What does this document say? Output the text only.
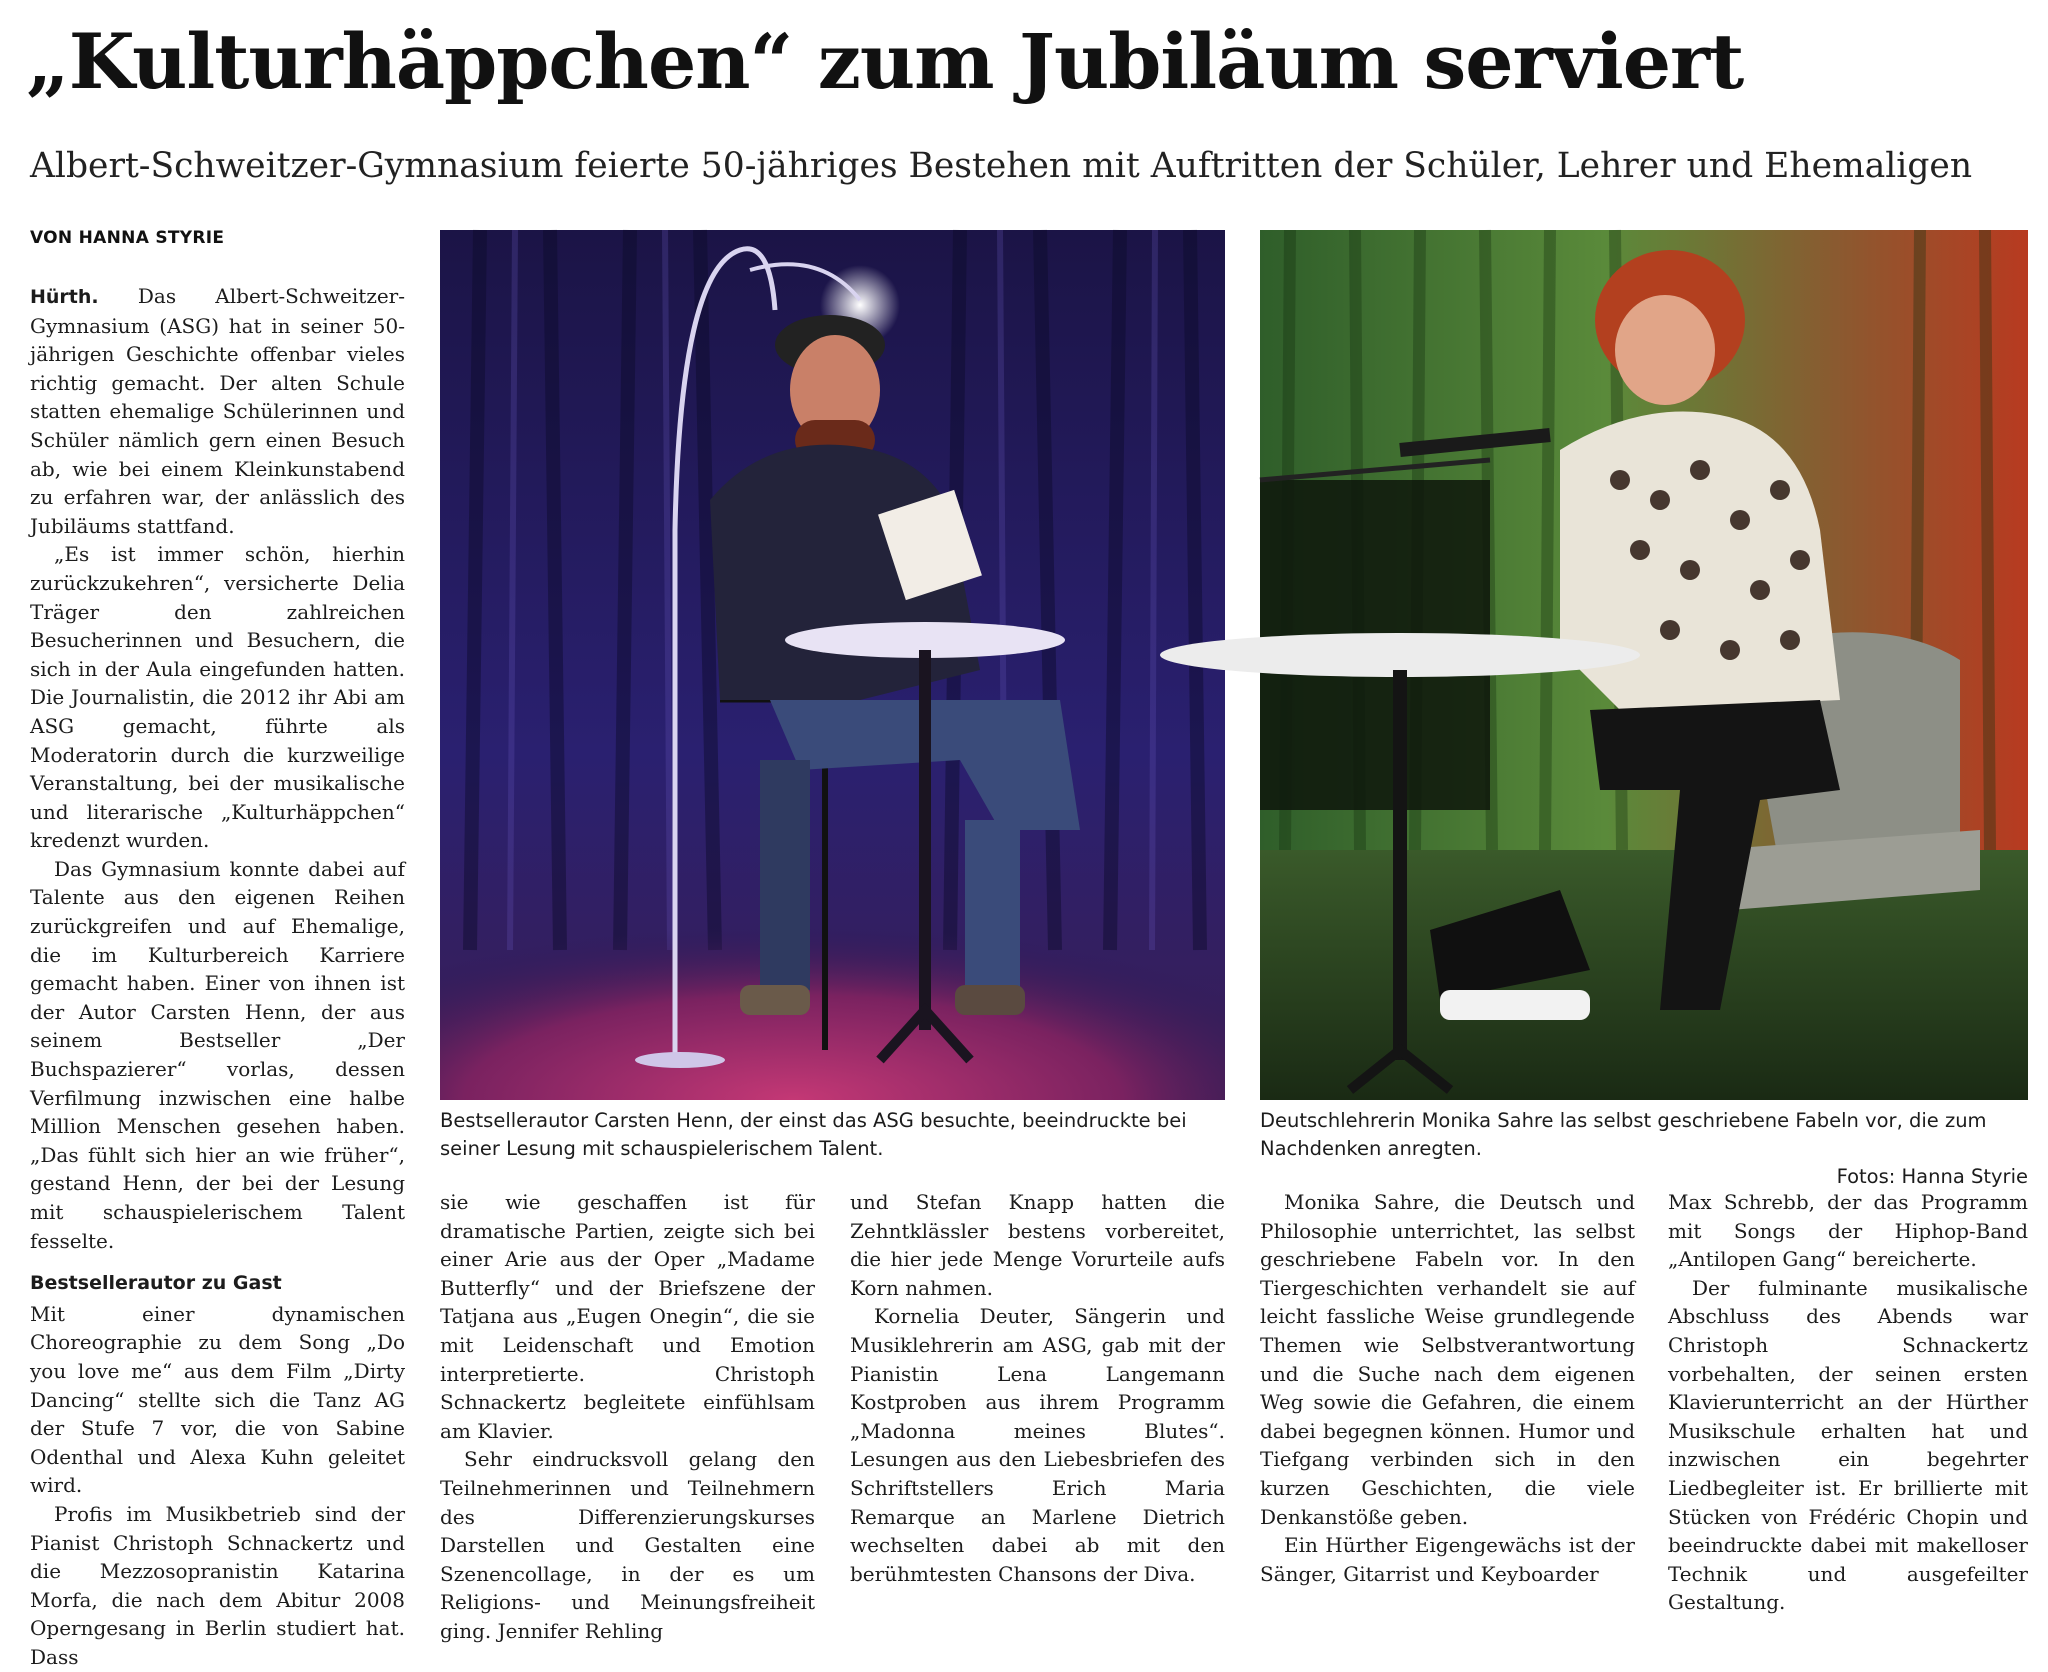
„Kulturhäppchen“ zum Jubiläum serviert
Albert-Schweitzer-Gymnasium feierte 50-jähriges Bestehen mit Auftritten der Schüler, Lehrer und Ehemaligen
VON HANNA STYRIE

Hürth. Das Albert-Schweitzer-Gymnasium (ASG) hat in seiner 50-jährigen Geschichte offenbar vieles richtig gemacht. Der alten Schule statten ehemalige Schülerinnen und Schüler nämlich gern einen Besuch ab, wie bei einem Kleinkunstabend zu erfahren war, der anlässlich des Jubiläums stattfand.

„Es ist immer schön, hierhin zurückzukehren“, versicherte Delia Träger den zahlreichen Besucherinnen und Besuchern, die sich in der Aula eingefunden hatten. Die Journalistin, die 2012 ihr Abi am ASG gemacht, führte als Moderatorin durch die kurzweilige Veranstaltung, bei der musikalische und literarische „Kulturhäppchen“ kredenzt wurden.

Das Gymnasium konnte dabei auf Talente aus den eigenen Reihen zurückgreifen und auf Ehemalige, die im Kulturbereich Karriere gemacht haben. Einer von ihnen ist der Autor Carsten Henn, der aus seinem Bestseller „Der Buchspazierer“ vorlas, dessen Verfilmung inzwischen eine halbe Million Menschen gesehen haben. „Das fühlt sich hier an wie früher“, gestand Henn, der bei der Lesung mit schauspielerischem Talent fesselte.

Bestsellerautor zu Gast

Mit einer dynamischen Choreographie zu dem Song „Do you love me“ aus dem Film „Dirty Dancing“ stellte sich die Tanz AG der Stufe 7 vor, die von Sabine Odenthal und Alexa Kuhn geleitet wird.

Profis im Musikbetrieb sind der Pianist Christoph Schnackertz und die Mezzosopranistin Katarina Morfa, die nach dem Abitur 2008 Operngesang in Berlin studiert hat. Dass

Bestsellerautor Carsten Henn, der einst das ASG besuchte, beeindruckte bei seiner Lesung mit schauspielerischem Talent.
Deutschlehrerin Monika Sahre las selbst geschriebene Fabeln vor, die zum Nachdenken anregten.
Fotos: Hanna Styrie

sie wie geschaffen ist für dramatische Partien, zeigte sich bei einer Arie aus der Oper „Madame Butterfly“ und der Briefszene der Tatjana aus „Eugen Onegin“, die sie mit Leidenschaft und Emotion interpretierte. Christoph Schnackertz begleitete einfühlsam am Klavier.

Sehr eindrucksvoll gelang den Teilnehmerinnen und Teilnehmern des Differenzierungskurses Darstellen und Gestalten eine Szenencollage, in der es um Religions- und Meinungsfreiheit ging. Jennifer Rehling

und Stefan Knapp hatten die Zehntklässler bestens vorbereitet, die hier jede Menge Vorurteile aufs Korn nahmen.

Kornelia Deuter, Sängerin und Musiklehrerin am ASG, gab mit der Pianistin Lena Langemann Kostproben aus ihrem Programm „Madonna meines Blutes“. Lesungen aus den Liebesbriefen des Schriftstellers Erich Maria Remarque an Marlene Dietrich wechselten dabei ab mit den berühmtesten Chansons der Diva.

Monika Sahre, die Deutsch und Philosophie unterrichtet, las selbst geschriebene Fabeln vor. In den Tiergeschichten verhandelt sie auf leicht fassliche Weise grundlegende Themen wie Selbstverantwortung und die Suche nach dem eigenen Weg sowie die Gefahren, die einem dabei begegnen können. Humor und Tiefgang verbinden sich in den kurzen Geschichten, die viele Denkanstöße geben.

Ein Hürther Eigengewächs ist der Sänger, Gitarrist und Keyboarder

Max Schrebb, der das Programm mit Songs der Hiphop-Band „Antilopen Gang“ bereicherte.

Der fulminante musikalische Abschluss des Abends war Christoph Schnackertz vorbehalten, der seinen ersten Klavierunterricht an der Hürther Musikschule erhalten hat und inzwischen ein begehrter Liedbegleiter ist. Er brillierte mit Stücken von Frédéric Chopin und beeindruckte dabei mit makelloser Technik und ausgefeilter Gestaltung.
